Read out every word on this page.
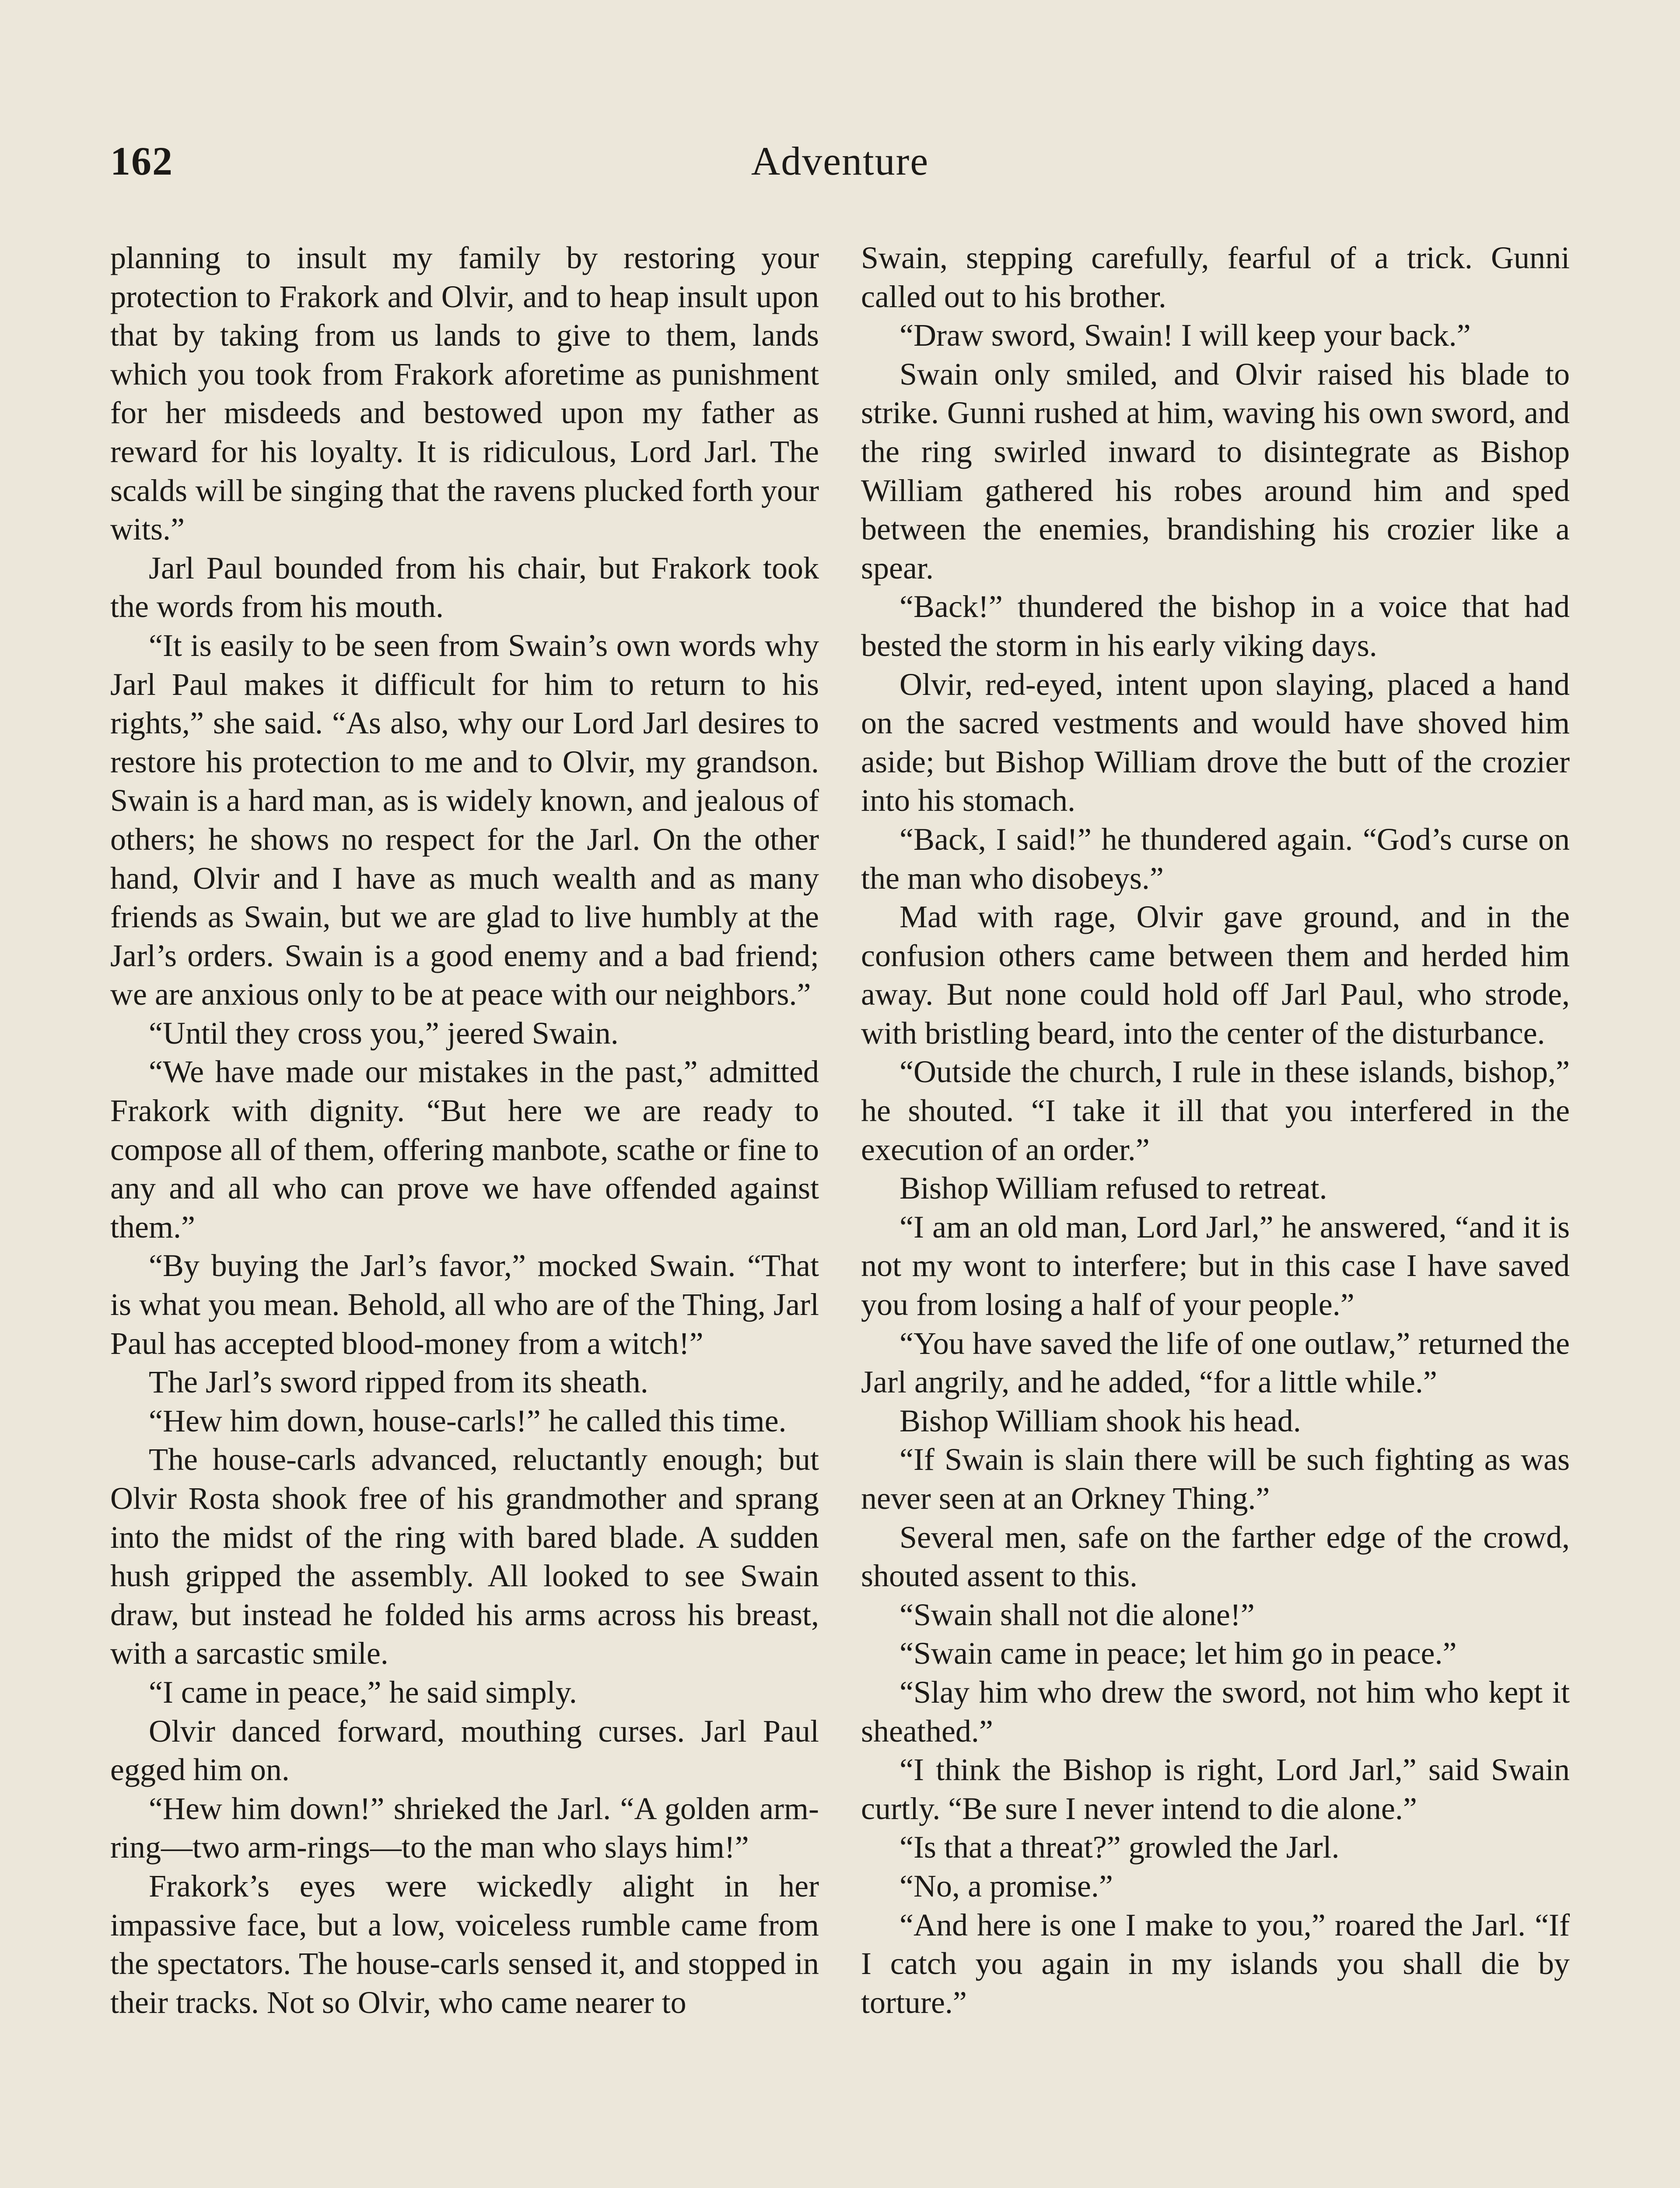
162	Adventure

planning to insult my family by restoring your protection to Frakork and Olvir, and to heap insult upon that by taking from us lands to give to them, lands which you took from Frakork aforetime as punishment for her misdeeds and bestowed upon my father as reward for his loyalty. It is ridiculous, Lord Jarl. The scalds will be singing that the ravens plucked forth your wits.”

Jarl Paul bounded from his chair, but Frakork took the words from his mouth.

“It is easily to be seen from Swain’s own words why Jarl Paul makes it difficult for him to return to his rights,” she said. “As also, why our Lord Jarl desires to restore his protection to me and to Olvir, my grandson. Swain is a hard man, as is widely known, and jealous of others; he shows no respect for the Jarl. On the other hand, Olvir and I have as much wealth and as many friends as Swain, but we are glad to live humbly at the Jarl’s orders. Swain is a good enemy and a bad friend; we are anxious only to be at peace with our neighbors.”

“Until they cross you,” jeered Swain.

“We have made our mistakes in the past,” admitted Frakork with dignity. “But here we are ready to compose all of them, offering manbote, scathe or fine to any and all who can prove we have offended against them.”

“By buying the Jarl’s favor,” mocked Swain. “That is what you mean. Behold, all who are of the Thing, Jarl Paul has accepted blood-money from a witch!”

The Jarl’s sword ripped from its sheath.

“Hew him down, house-carls!” he called this time.

The house-carls advanced, reluctantly enough; but Olvir Rosta shook free of his grandmother and sprang into the midst of the ring with bared blade. A sudden hush gripped the assembly. All looked to see Swain draw, but instead he folded his arms across his breast, with a sarcastic smile.

“I came in peace,” he said simply.

Olvir danced forward, mouthing curses. Jarl Paul egged him on.

“Hew him down!” shrieked the Jarl. “A golden arm-ring—two arm-rings—to the man who slays him!”

Frakork’s eyes were wickedly alight in her impassive face, but a low, voiceless rumble came from the spectators. The house-carls sensed it, and stopped in their tracks. Not so Olvir, who came nearer to

Swain, stepping carefully, fearful of a trick. Gunni called out to his brother.

“Draw sword, Swain! I will keep your back.”

Swain only smiled, and Olvir raised his blade to strike. Gunni rushed at him, waving his own sword, and the ring swirled inward to disintegrate as Bishop William gathered his robes around him and sped between the enemies, brandishing his crozier like a spear.

“Back!” thundered the bishop in a voice that had bested the storm in his early viking days.

Olvir, red-eyed, intent upon slaying, placed a hand on the sacred vestments and would have shoved him aside; but Bishop William drove the butt of the crozier into his stomach.

“Back, I said!” he thundered again. “God’s curse on the man who disobeys.”

Mad with rage, Olvir gave ground, and in the confusion others came between them and herded him away. But none could hold off Jarl Paul, who strode, with bristling beard, into the center of the disturbance.

“Outside the church, I rule in these islands, bishop,” he shouted. “I take it ill that you interfered in the execution of an order.”

Bishop William refused to retreat.

“I am an old man, Lord Jarl,” he answered, “and it is not my wont to interfere; but in this case I have saved you from losing a half of your people.”

“You have saved the life of one outlaw,” returned the Jarl angrily, and he added, “for a little while.”

Bishop William shook his head.

“If Swain is slain there will be such fighting as was never seen at an Orkney Thing.”

Several men, safe on the farther edge of the crowd, shouted assent to this.

“Swain shall not die alone!”

“Swain came in peace; let him go in peace.”

“Slay him who drew the sword, not him who kept it sheathed.”

“I think the Bishop is right, Lord Jarl,” said Swain curtly. “Be sure I never intend to die alone.”

“Is that a threat?” growled the Jarl.

“No, a promise.”

“And here is one I make to you,” roared the Jarl. “If I catch you again in my islands you shall die by torture.”
